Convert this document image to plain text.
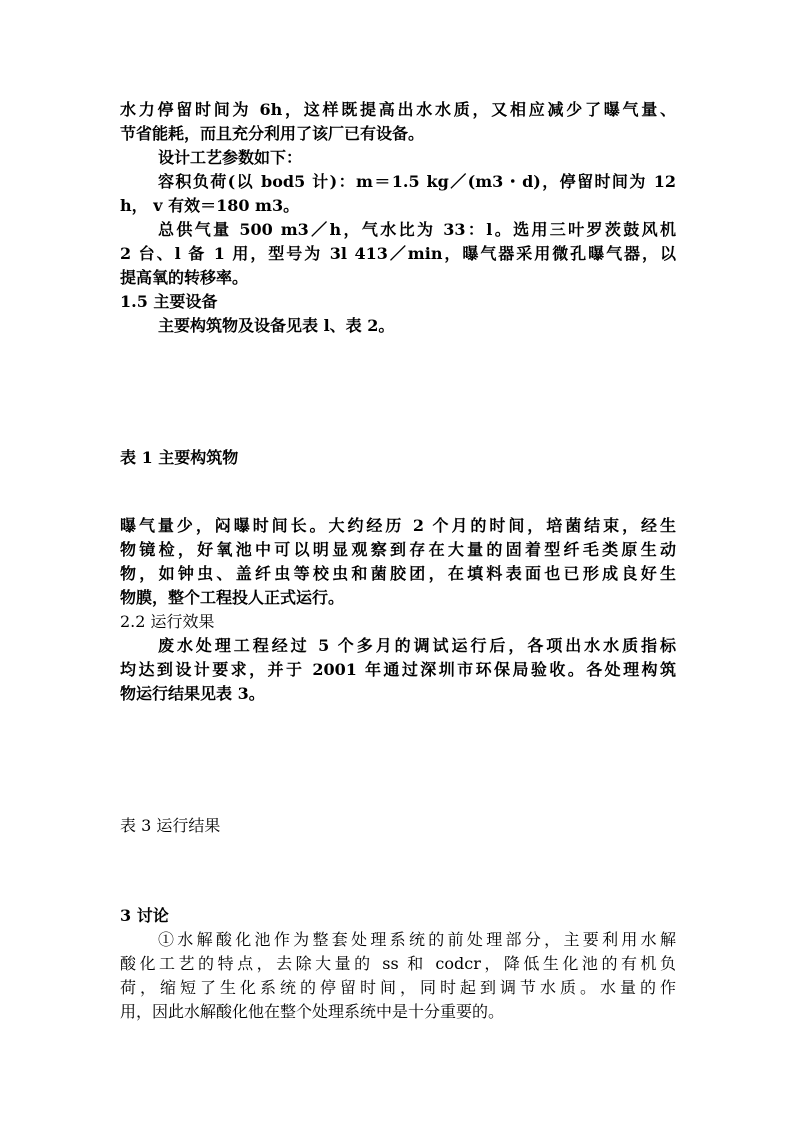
水力停留时间为 6h，这样既提高出水水质，又相应减少了曝气量、
节省能耗，而且充分利用了该厂已有设备。
设计工艺参数如下：
容积负荷(以 bod5 计)：m＝1.5 kg／(m3・d)，停留时间为 12
h， v 有效＝180 m3。
总供气量 500 m3／h，气水比为 33：l。选用三叶罗茨鼓风机
2 台、l 备 1 用，型号为 3l 413／min，曝气器采用微孔曝气器，以
提高氧的转移率。
1.5 主要设备
主要构筑物及设备见表 l、表 2。
表 1 主要构筑物
曝气量少，闷曝时间长。大约经历 2 个月的时间，培菌结束，经生
物镜检，好氧池中可以明显观察到存在大量的固着型纤毛类原生动
物，如钟虫、盖纤虫等校虫和菌胶团，在填料表面也已形成良好生
物膜，整个工程投人正式运行。
2.2 运行效果
废水处理工程经过 5 个多月的调试运行后，各项出水水质指标
均达到设计要求，并于 2001 年通过深圳市环保局验收。各处理构筑
物运行结果见表 3。
表 3 运行结果
3 讨论
①水解酸化池作为整套处理系统的前处理部分，主要利用水解
酸化工艺的特点，去除大量的 ss 和 codcr，降低生化池的有机负
荷，缩短了生化系统的停留时间，同时起到调节水质。水量的作
用，因此水解酸化他在整个处理系统中是十分重要的。
